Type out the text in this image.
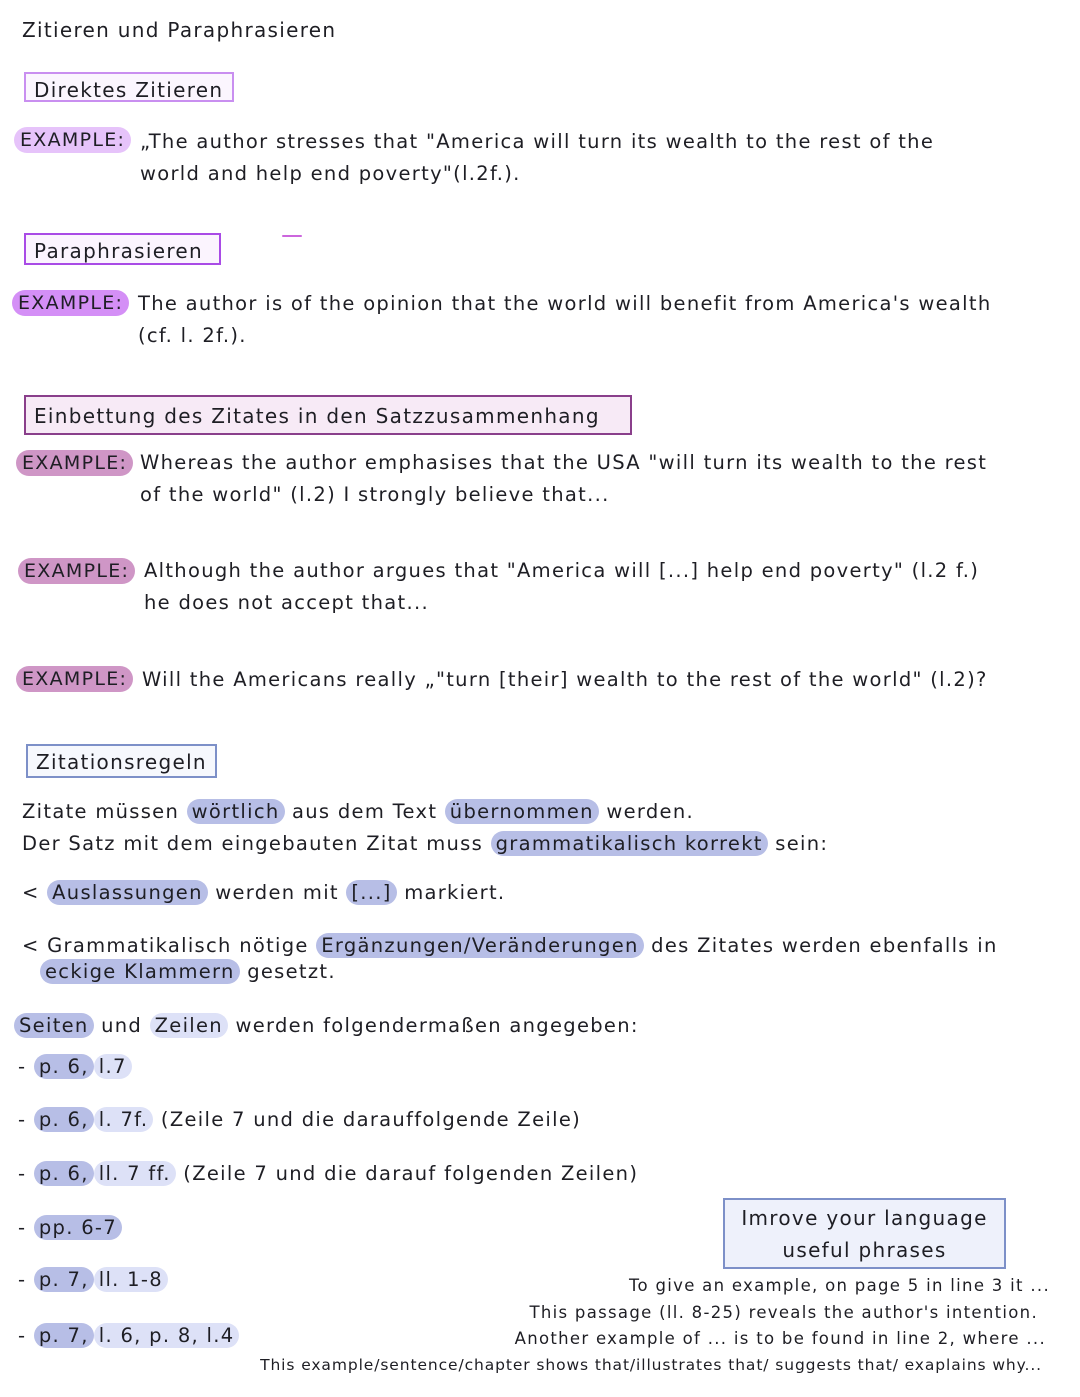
Zitieren und Paraphrasieren
Direktes Zitieren
EXAMPLE: „The author stresses that "America will turn its wealth to the rest of the
world and help end poverty"(l.2f.).
Paraphrasieren
EXAMPLE: The author is of the opinion that the world will benefit from America's wealth
(cf. l. 2f.).
Einbettung des Zitates in den Satzzusammenhang
EXAMPLE: Whereas the author emphasises that the USA "will turn its wealth to the rest
of the world" (l.2) I strongly believe that...
EXAMPLE: Although the author argues that "America will [...] help end poverty" (l.2 f.)
he does not accept that...
EXAMPLE: Will the Americans really „"turn [their] wealth to the rest of the world" (l.2)?
Zitationsregeln
Zitate müssen wörtlich aus dem Text übernommen werden.
Der Satz mit dem eingebauten Zitat muss grammatikalisch korrekt sein:
< Auslassungen werden mit [...] markiert.
< Grammatikalisch nötige Ergänzungen/Veränderungen des Zitates werden ebenfalls in
eckige Klammern gesetzt.
Seiten und Zeilen werden folgendermaßen angegeben:
- p. 6, l.7
- p. 6, l. 7f. (Zeile 7 und die darauffolgende Zeile)
- p. 6, ll. 7 ff. (Zeile 7 und die darauf folgenden Zeilen)
- pp. 6-7
- p. 7, ll. 1-8
- p. 7, l. 6, p. 8, l.4
Imrove your language
useful phrases
To give an example, on page 5 in line 3 it ...
This passage (ll. 8-25) reveals the author's intention.
Another example of ... is to be found in line 2, where ...
This example/sentence/chapter shows that/illustrates that/ suggests that/ exaplains why...
